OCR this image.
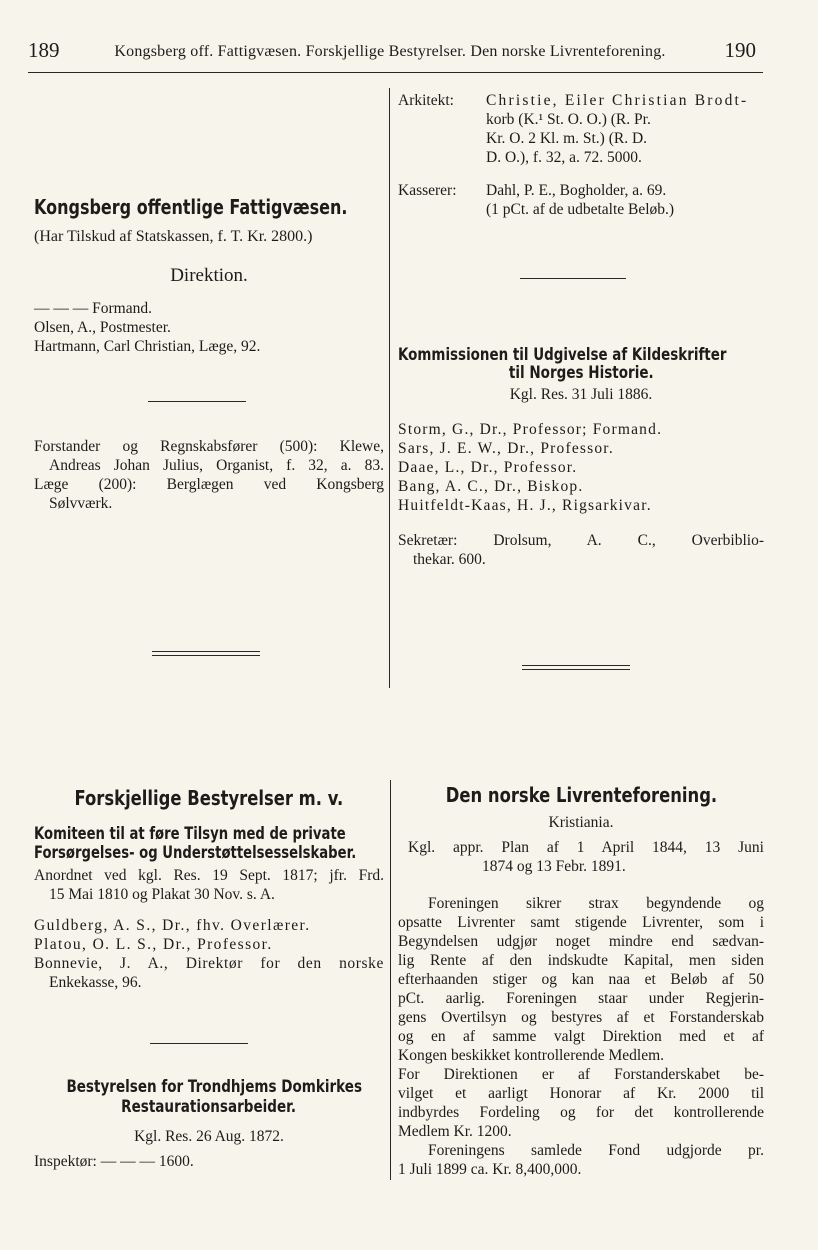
189	Kongsberg off. Fattigvæsen. Forskjellige Bestyrelser. Den norske Livrenteforening.	190
Kongsberg offentlige Fattigvæsen.
(Har Tilskud af Statskassen, f. T. Kr. 2800.)
Direktion.
— — — Formand.
Olsen, A., Postmester.
Hartmann, Carl Christian, Læge, 92.
Forstander og Regnskabsfører (500): Klewe,
Andreas Johan Julius, Organist, f. 32, a. 83.
Læge (200): Berglægen ved Kongsberg
Sølvværk.
Arkitekt:	Christie, Eiler Christian Brodt-
korb (K.¹ St. O. O.) (R. Pr.
Kr. O. 2 Kl. m. St.) (R. D.
D. O.), f. 32, a. 72. 5000.
Kasserer:	Dahl, P. E., Bogholder, a. 69.
(1 pCt. af de udbetalte Beløb.)
Kommissionen til Udgivelse af Kildeskrifter
til Norges Historie.
Kgl. Res. 31 Juli 1886.
Storm, G., Dr., Professor; Formand.
Sars, J. E. W., Dr., Professor.
Daae, L., Dr., Professor.
Bang, A. C., Dr., Biskop.
Huitfeldt-Kaas, H. J., Rigsarkivar.
Sekretær: Drolsum, A. C., Overbiblio-
thekar. 600.
Forskjellige Bestyrelser m. v.
Komiteen til at føre Tilsyn med de private
Forsørgelses- og Understøttelsesselskaber.
Anordnet ved kgl. Res. 19 Sept. 1817; jfr. Frd.
15 Mai 1810 og Plakat 30 Nov. s. A.
Guldberg, A. S., Dr., fhv. Overlærer.
Platou, O. L. S., Dr., Professor.
Bonnevie, J. A., Direktør for den norske
Enkekasse, 96.
Bestyrelsen for Trondhjems Domkirkes
Restaurationsarbeider.
Kgl. Res. 26 Aug. 1872.
Inspektør: — — — 1600.
Den norske Livrenteforening.
Kristiania.
Kgl. appr. Plan af 1 April 1844, 13 Juni
1874 og 13 Febr. 1891.
Foreningen sikrer strax begyndende og
opsatte Livrenter samt stigende Livrenter, som i
Begyndelsen udgjør noget mindre end sædvan-
lig Rente af den indskudte Kapital, men siden
efterhaanden stiger og kan naa et Beløb af 50
pCt. aarlig. Foreningen staar under Regjerin-
gens Overtilsyn og bestyres af et Forstanderskab
og en af samme valgt Direktion med et af
Kongen beskikket kontrollerende Medlem.
For Direktionen er af Forstanderskabet be-
vilget et aarligt Honorar af Kr. 2000 til
indbyrdes Fordeling og for det kontrollerende
Medlem Kr. 1200.
Foreningens samlede Fond udgjorde pr.
1 Juli 1899 ca. Kr. 8,400,000.
